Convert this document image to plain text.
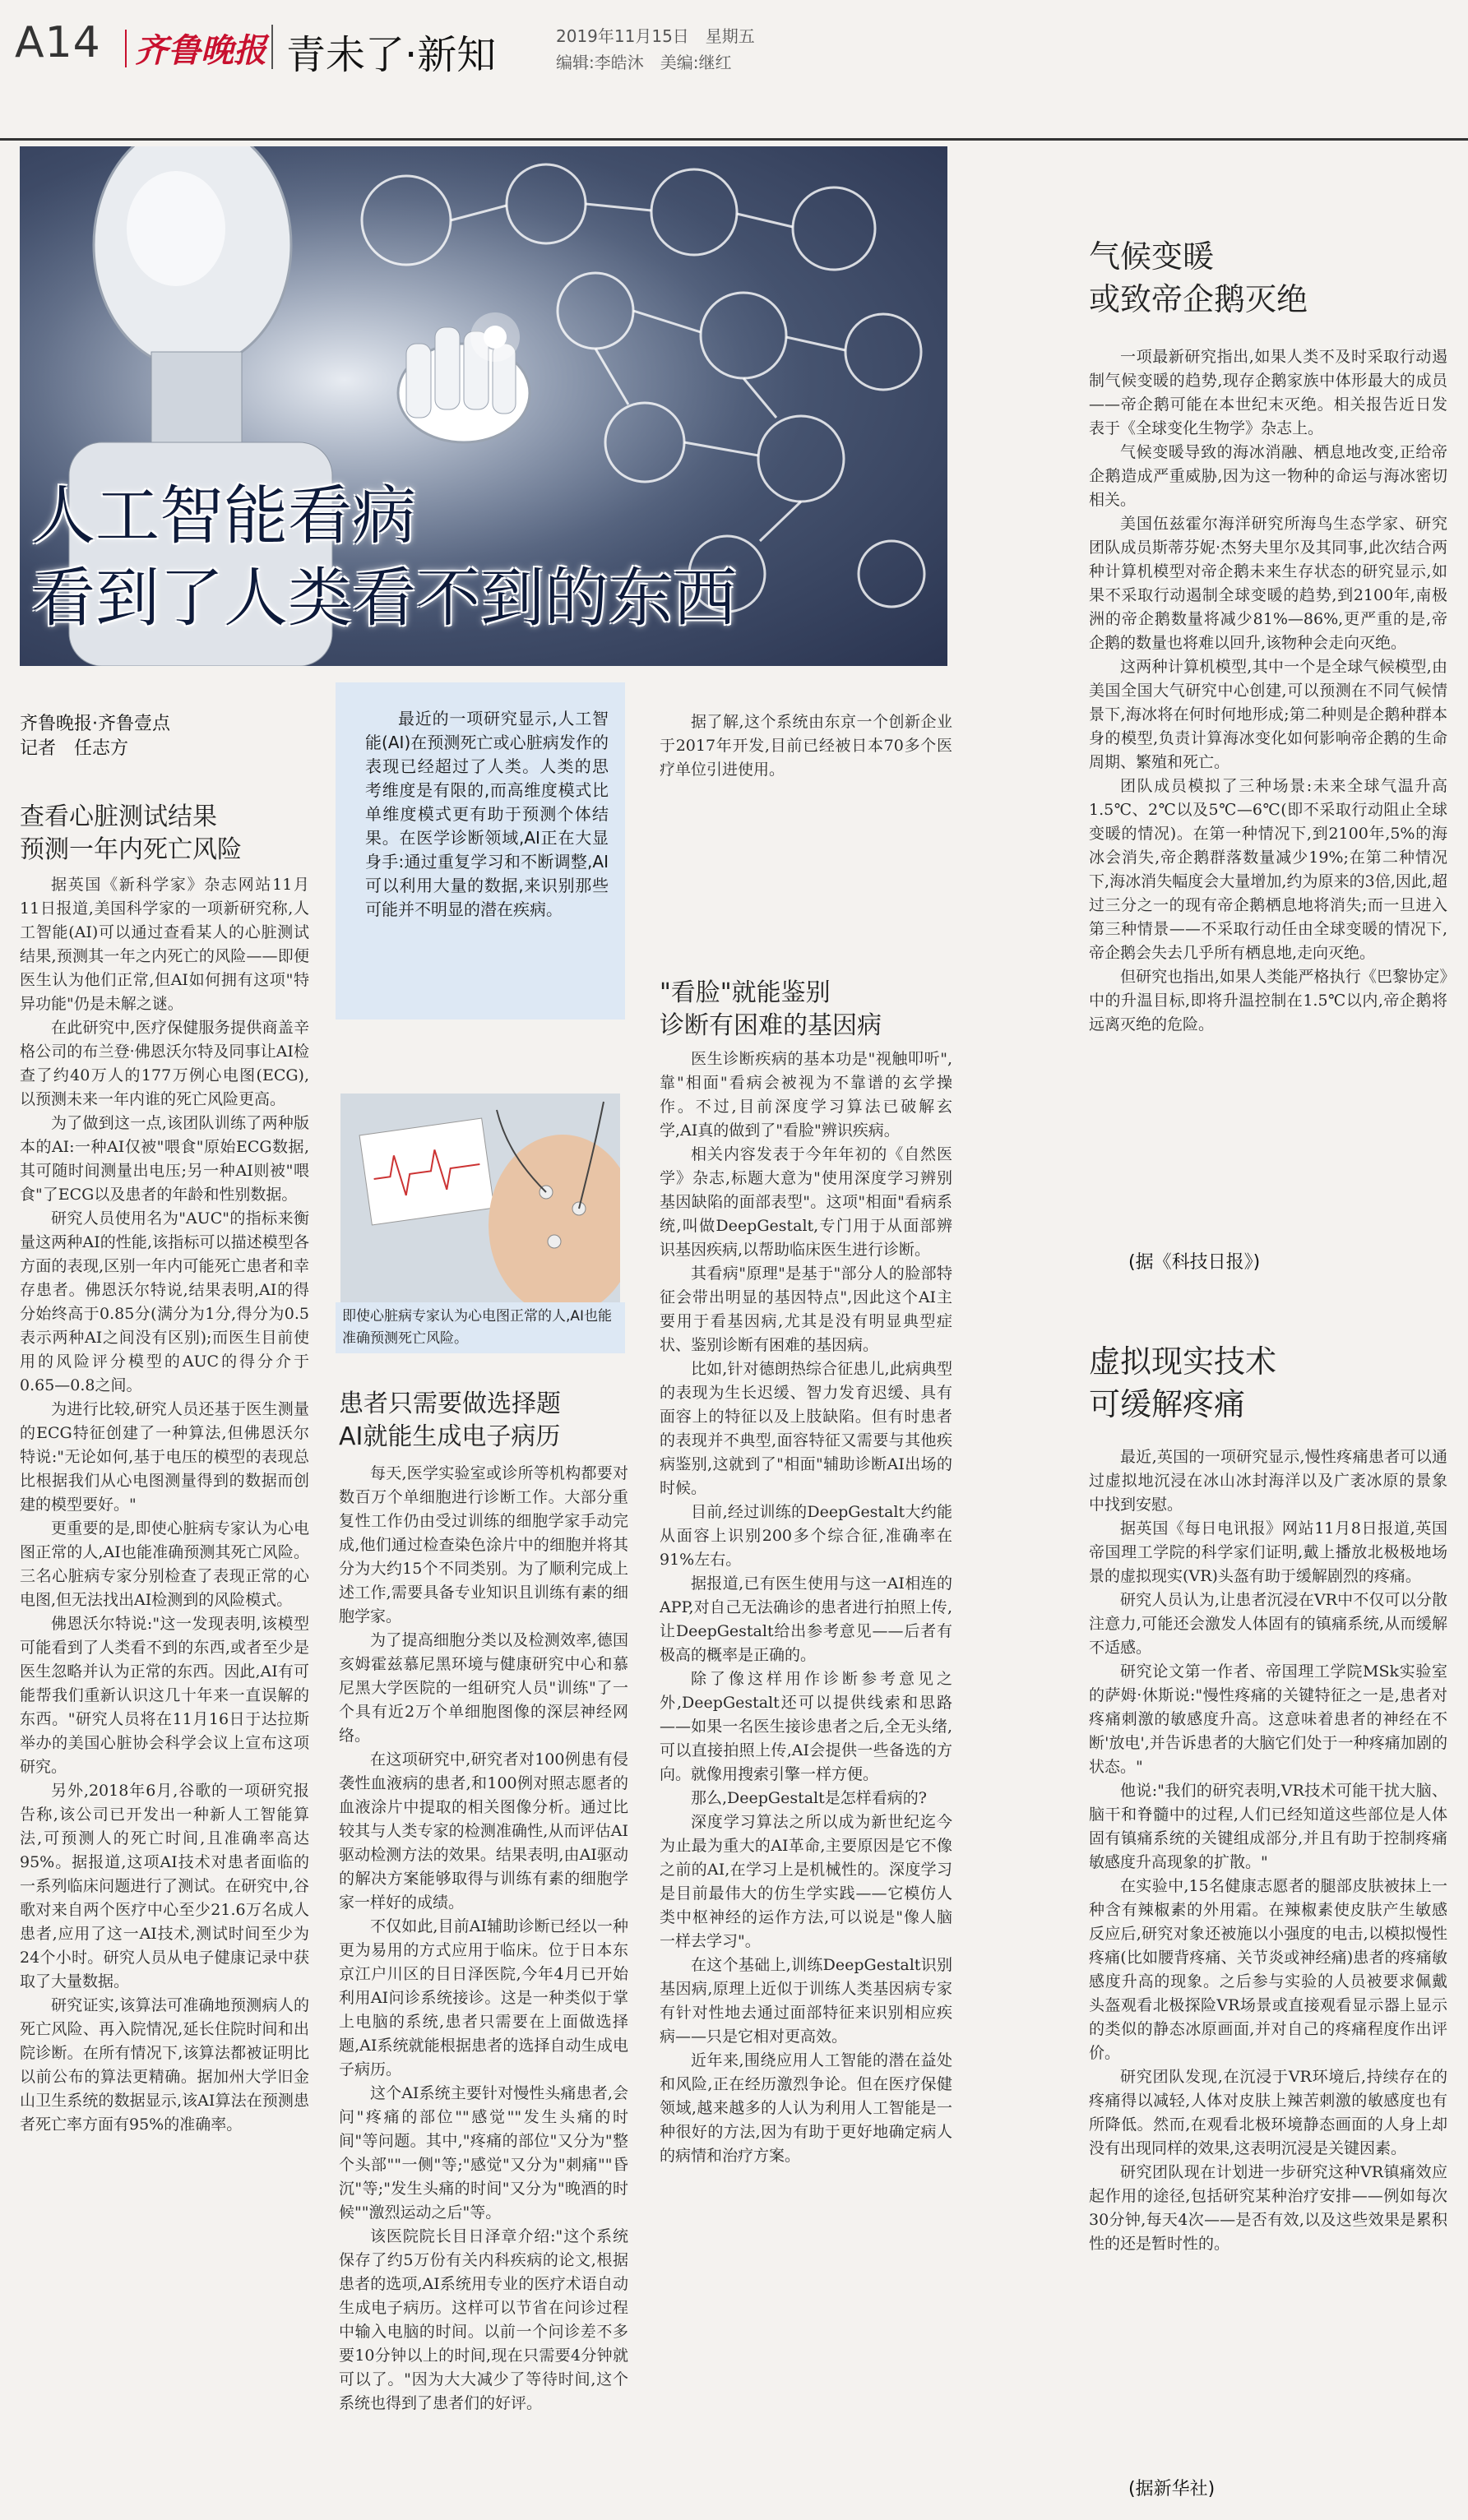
A14 齐鲁晚报 青未了·新知	2019年11月15日　星期五
编辑:李皓沐　美编:继红
人工智能看病
看到了人类看不到的东西
齐鲁晚报·齐鲁壹点
记者　任志方
查看心脏测试结果
预测一年内死亡风险

据英国《新科学家》杂志网站11月11日报道,美国科学家的一项新研究称,人工智能(AI)可以通过查看某人的心脏测试结果,预测其一年之内死亡的风险——即便医生认为他们正常,但AI如何拥有这项"特异功能"仍是未解之谜。

在此研究中,医疗保健服务提供商盖辛格公司的布兰登·佛恩沃尔特及同事让AI检查了约40万人的177万例心电图(ECG),以预测未来一年内谁的死亡风险更高。

为了做到这一点,该团队训练了两种版本的AI:一种AI仅被"喂食"原始ECG数据,其可随时间测量出电压;另一种AI则被"喂食"了ECG以及患者的年龄和性别数据。

研究人员使用名为"AUC"的指标来衡量这两种AI的性能,该指标可以描述模型各方面的表现,区别一年内可能死亡患者和幸存患者。佛恩沃尔特说,结果表明,AI的得分始终高于0.85分(满分为1分,得分为0.5表示两种AI之间没有区别);而医生目前使用的风险评分模型的AUC的得分介于0.65—0.8之间。

为进行比较,研究人员还基于医生测量的ECG特征创建了一种算法,但佛恩沃尔特说:"无论如何,基于电压的模型的表现总比根据我们从心电图测量得到的数据而创建的模型要好。"

更重要的是,即使心脏病专家认为心电图正常的人,AI也能准确预测其死亡风险。三名心脏病专家分别检查了表现正常的心电图,但无法找出AI检测到的风险模式。

佛恩沃尔特说:"这一发现表明,该模型可能看到了人类看不到的东西,或者至少是医生忽略并认为正常的东西。因此,AI有可能帮我们重新认识这几十年来一直误解的东西。"研究人员将在11月16日于达拉斯举办的美国心脏协会科学会议上宣布这项研究。

另外,2018年6月,谷歌的一项研究报告称,该公司已开发出一种新人工智能算法,可预测人的死亡时间,且准确率高达95%。据报道,这项AI技术对患者面临的一系列临床问题进行了测试。在研究中,谷歌对来自两个医疗中心至少21.6万名成人患者,应用了这一AI技术,测试时间至少为24个小时。研究人员从电子健康记录中获取了大量数据。

研究证实,该算法可准确地预测病人的死亡风险、再入院情况,延长住院时间和出院诊断。在所有情况下,该算法都被证明比以前公布的算法更精确。据加州大学旧金山卫生系统的数据显示,该AI算法在预测患者死亡率方面有95%的准确率。

最近的一项研究显示,人工智能(AI)在预测死亡或心脏病发作的表现已经超过了人类。人类的思考维度是有限的,而高维度模式比单维度模式更有助于预测个体结果。在医学诊断领域,AI正在大显身手:通过重复学习和不断调整,AI可以利用大量的数据,来识别那些可能并不明显的潜在疾病。

即使心脏病专家认为心电图正常的人,AI也能准确预测死亡风险。
患者只需要做选择题
AI就能生成电子病历

每天,医学实验室或诊所等机构都要对数百万个单细胞进行诊断工作。大部分重复性工作仍由受过训练的细胞学家手动完成,他们通过检查染色涂片中的细胞并将其分为大约15个不同类别。为了顺利完成上述工作,需要具备专业知识且训练有素的细胞学家。

为了提高细胞分类以及检测效率,德国亥姆霍兹慕尼黑环境与健康研究中心和慕尼黑大学医院的一组研究人员"训练"了一个具有近2万个单细胞图像的深层神经网络。

在这项研究中,研究者对100例患有侵袭性血液病的患者,和100例对照志愿者的血液涂片中提取的相关图像分析。通过比较其与人类专家的检测准确性,从而评估AI驱动检测方法的效果。结果表明,由AI驱动的解决方案能够取得与训练有素的细胞学家一样好的成绩。

不仅如此,目前AI辅助诊断已经以一种更为易用的方式应用于临床。位于日本东京江户川区的目日泽医院,今年4月已开始利用AI问诊系统接诊。这是一种类似于掌上电脑的系统,患者只需要在上面做选择题,AI系统就能根据患者的选择自动生成电子病历。

这个AI系统主要针对慢性头痛患者,会问"疼痛的部位""感觉""发生头痛的时间"等问题。其中,"疼痛的部位"又分为"整个头部""一侧"等;"感觉"又分为"刺痛""昏沉"等;"发生头痛的时间"又分为"晚酒的时候""激烈运动之后"等。

该医院院长目日泽章介绍:"这个系统保存了约5万份有关内科疾病的论文,根据患者的选项,AI系统用专业的医疗术语自动生成电子病历。这样可以节省在问诊过程中输入电脑的时间。以前一个问诊差不多要10分钟以上的时间,现在只需要4分钟就可以了。"因为大大减少了等待时间,这个系统也得到了患者们的好评。

据了解,这个系统由东京一个创新企业于2017年开发,目前已经被日本70多个医疗单位引进使用。

"看脸"就能鉴别
诊断有困难的基因病

医生诊断疾病的基本功是"视触叩听",靠"相面"看病会被视为不靠谱的玄学操作。不过,目前深度学习算法已破解玄学,AI真的做到了"看脸"辨识疾病。

相关内容发表于今年年初的《自然医学》杂志,标题大意为"使用深度学习辨别基因缺陷的面部表型"。这项"相面"看病系统,叫做DeepGestalt,专门用于从面部辨识基因疾病,以帮助临床医生进行诊断。

其看病"原理"是基于"部分人的脸部特征会带出明显的基因特点",因此这个AI主要用于看基因病,尤其是没有明显典型症状、鉴别诊断有困难的基因病。

比如,针对德朗热综合征患儿,此病典型的表现为生长迟缓、智力发育迟缓、具有面容上的特征以及上肢缺陷。但有时患者的表现并不典型,面容特征又需要与其他疾病鉴别,这就到了"相面"辅助诊断AI出场的时候。

目前,经过训练的DeepGestalt大约能从面容上识别200多个综合征,准确率在91%左右。

据报道,已有医生使用与这一AI相连的APP,对自己无法确诊的患者进行拍照上传,让DeepGestalt给出参考意见——后者有极高的概率是正确的。

除了像这样用作诊断参考意见之外,DeepGestalt还可以提供线索和思路——如果一名医生接诊患者之后,全无头绪,可以直接拍照上传,AI会提供一些备选的方向。就像用搜索引擎一样方便。

那么,DeepGestalt是怎样看病的?

深度学习算法之所以成为新世纪迄今为止最为重大的AI革命,主要原因是它不像之前的AI,在学习上是机械性的。深度学习是目前最伟大的仿生学实践——它模仿人类中枢神经的运作方法,可以说是"像人脑一样去学习"。

在这个基础上,训练DeepGestalt识别基因病,原理上近似于训练人类基因病专家有针对性地去通过面部特征来识别相应疾病——只是它相对更高效。

近年来,围绕应用人工智能的潜在益处和风险,正在经历激烈争论。但在医疗保健领域,越来越多的人认为利用人工智能是一种很好的方法,因为有助于更好地确定病人的病情和治疗方案。

气候变暖
或致帝企鹅灭绝

一项最新研究指出,如果人类不及时采取行动遏制气候变暖的趋势,现存企鹅家族中体形最大的成员——帝企鹅可能在本世纪末灭绝。相关报告近日发表于《全球变化生物学》杂志上。

气候变暖导致的海冰消融、栖息地改变,正给帝企鹅造成严重威胁,因为这一物种的命运与海冰密切相关。

美国伍兹霍尔海洋研究所海鸟生态学家、研究团队成员斯蒂芬妮·杰努夫里尔及其同事,此次结合两种计算机模型对帝企鹅未来生存状态的研究显示,如果不采取行动遏制全球变暖的趋势,到2100年,南极洲的帝企鹅数量将减少81%—86%,更严重的是,帝企鹅的数量也将难以回升,该物种会走向灭绝。

这两种计算机模型,其中一个是全球气候模型,由美国全国大气研究中心创建,可以预测在不同气候情景下,海冰将在何时何地形成;第二种则是企鹅种群本身的模型,负责计算海冰变化如何影响帝企鹅的生命周期、繁殖和死亡。

团队成员模拟了三种场景:未来全球气温升高1.5℃、2℃以及5℃—6℃(即不采取行动阻止全球变暖的情况)。在第一种情况下,到2100年,5%的海冰会消失,帝企鹅群落数量减少19%;在第二种情况下,海冰消失幅度会大量增加,约为原来的3倍,因此,超过三分之一的现有帝企鹅栖息地将消失;而一旦进入第三种情景——不采取行动任由全球变暖的情况下,帝企鹅会失去几乎所有栖息地,走向灭绝。

但研究也指出,如果人类能严格执行《巴黎协定》中的升温目标,即将升温控制在1.5℃以内,帝企鹅将远离灭绝的危险。

(据《科技日报》)
虚拟现实技术
可缓解疼痛

最近,英国的一项研究显示,慢性疼痛患者可以通过虚拟地沉浸在冰山冰封海洋以及广袤冰原的景象中找到安慰。

据英国《每日电讯报》网站11月8日报道,英国帝国理工学院的科学家们证明,戴上播放北极极地场景的虚拟现实(VR)头盔有助于缓解剧烈的疼痛。

研究人员认为,让患者沉浸在VR中不仅可以分散注意力,可能还会激发人体固有的镇痛系统,从而缓解不适感。

研究论文第一作者、帝国理工学院MSk实验室的萨姆·休斯说:"慢性疼痛的关键特征之一是,患者对疼痛刺激的敏感度升高。这意味着患者的神经在不断'放电',并告诉患者的大脑它们处于一种疼痛加剧的状态。"

他说:"我们的研究表明,VR技术可能干扰大脑、脑干和脊髓中的过程,人们已经知道这些部位是人体固有镇痛系统的关键组成部分,并且有助于控制疼痛敏感度升高现象的扩散。"

在实验中,15名健康志愿者的腿部皮肤被抹上一种含有辣椒素的外用霜。在辣椒素使皮肤产生敏感反应后,研究对象还被施以小强度的电击,以模拟慢性疼痛(比如腰背疼痛、关节炎或神经痛)患者的疼痛敏感度升高的现象。之后参与实验的人员被要求佩戴头盔观看北极探险VR场景或直接观看显示器上显示的类似的静态冰原画面,并对自己的疼痛程度作出评价。

研究团队发现,在沉浸于VR环境后,持续存在的疼痛得以减轻,人体对皮肤上辣苦刺激的敏感度也有所降低。然而,在观看北极环境静态画面的人身上却没有出现同样的效果,这表明沉浸是关键因素。

研究团队现在计划进一步研究这种VR镇痛效应起作用的途径,包括研究某种治疗安排——例如每次30分钟,每天4次——是否有效,以及这些效果是累积性的还是暂时性的。

(据新华社)
